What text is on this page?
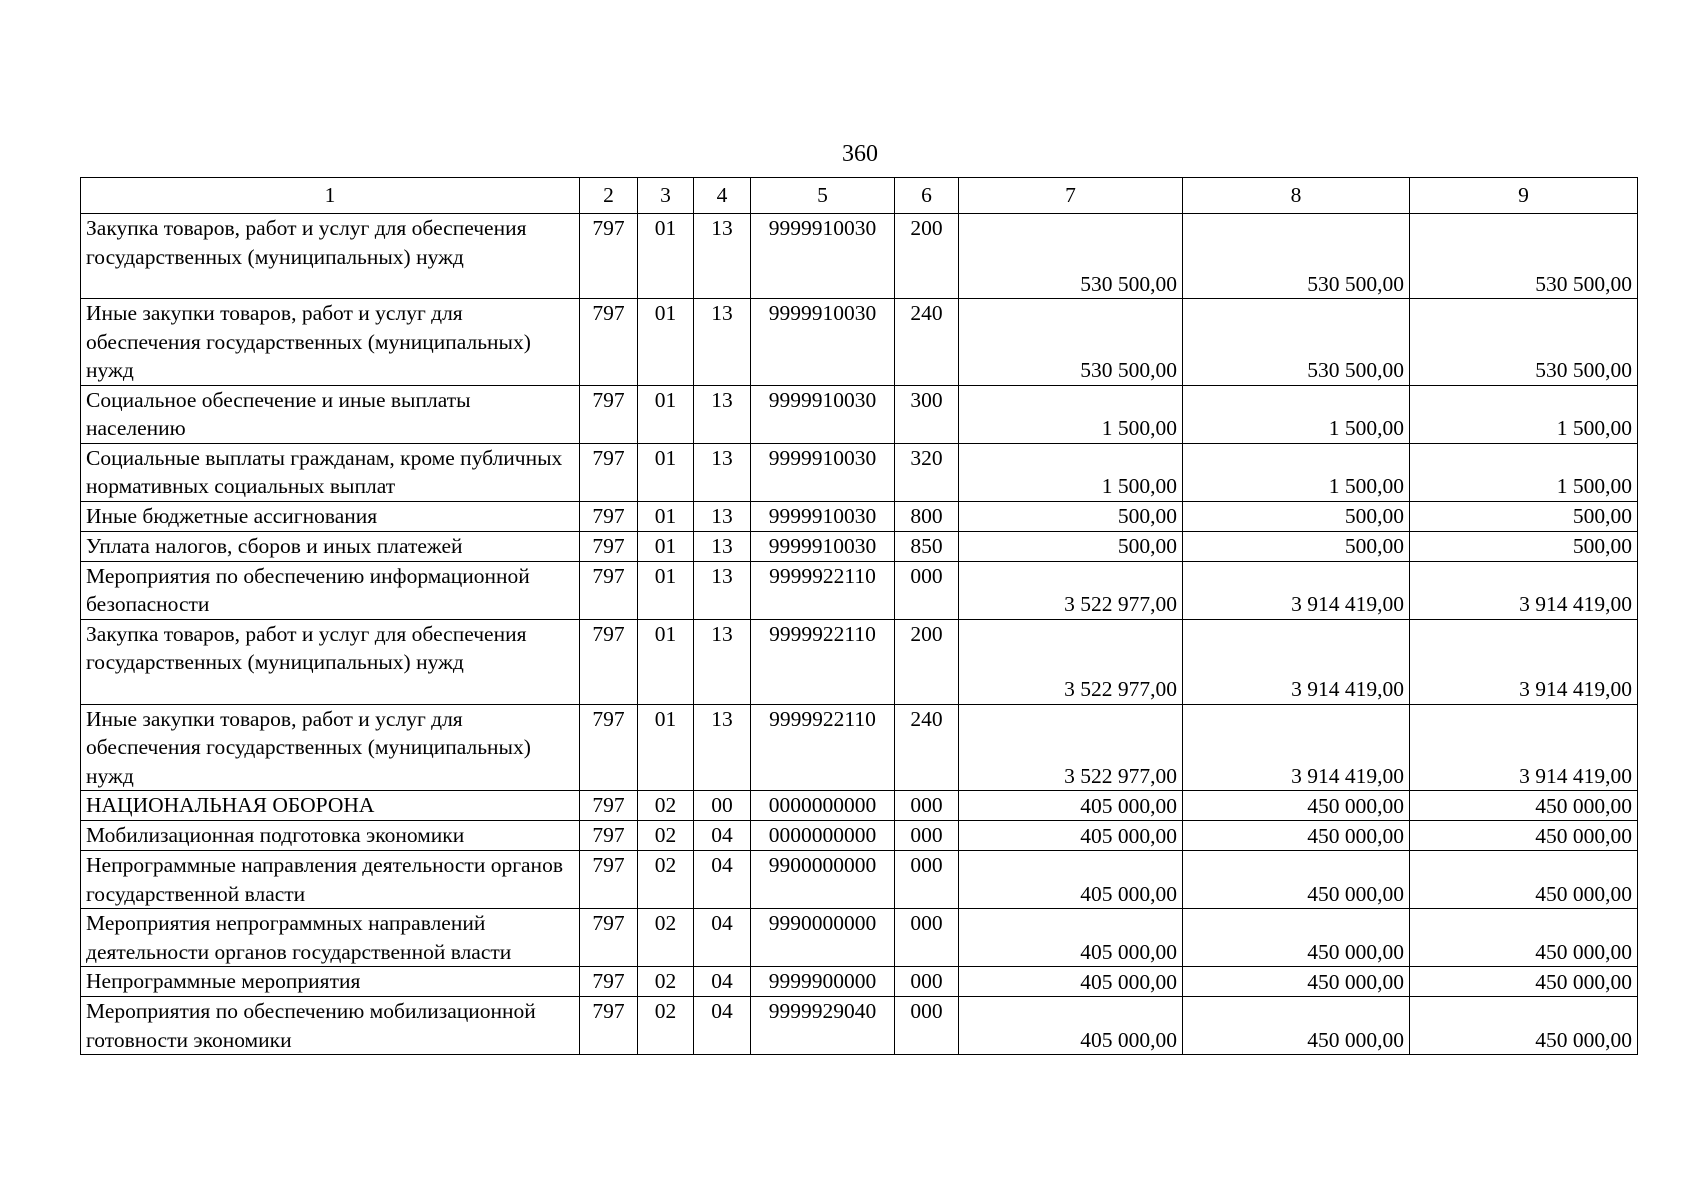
360
1	2	3	4	5	6	7	8	9
Закупка товаров, работ и услуг для обеспечения государственных (муниципальных) нужд	797	01	13	9999910030	200	530 500,00	530 500,00	530 500,00
Иные закупки товаров, работ и услуг для обеспечения государственных (муниципальных) нужд	797	01	13	9999910030	240	530 500,00	530 500,00	530 500,00
Социальное обеспечение и иные выплаты населению	797	01	13	9999910030	300	1 500,00	1 500,00	1 500,00
Социальные выплаты гражданам, кроме публичных нормативных социальных выплат	797	01	13	9999910030	320	1 500,00	1 500,00	1 500,00
Иные бюджетные ассигнования	797	01	13	9999910030	800	500,00	500,00	500,00
Уплата налогов, сборов и иных платежей	797	01	13	9999910030	850	500,00	500,00	500,00
Мероприятия по обеспечению информационной безопасности	797	01	13	9999922110	000	3 522 977,00	3 914 419,00	3 914 419,00
Закупка товаров, работ и услуг для обеспечения государственных (муниципальных) нужд	797	01	13	9999922110	200	3 522 977,00	3 914 419,00	3 914 419,00
Иные закупки товаров, работ и услуг для обеспечения государственных (муниципальных) нужд	797	01	13	9999922110	240	3 522 977,00	3 914 419,00	3 914 419,00
НАЦИОНАЛЬНАЯ ОБОРОНА	797	02	00	0000000000	000	405 000,00	450 000,00	450 000,00
Мобилизационная подготовка экономики	797	02	04	0000000000	000	405 000,00	450 000,00	450 000,00
Непрограммные направления деятельности органов государственной власти	797	02	04	9900000000	000	405 000,00	450 000,00	450 000,00
Мероприятия непрограммных направлений деятельности органов государственной власти	797	02	04	9990000000	000	405 000,00	450 000,00	450 000,00
Непрограммные мероприятия	797	02	04	9999900000	000	405 000,00	450 000,00	450 000,00
Мероприятия по обеспечению мобилизационной готовности экономики	797	02	04	9999929040	000	405 000,00	450 000,00	450 000,00
